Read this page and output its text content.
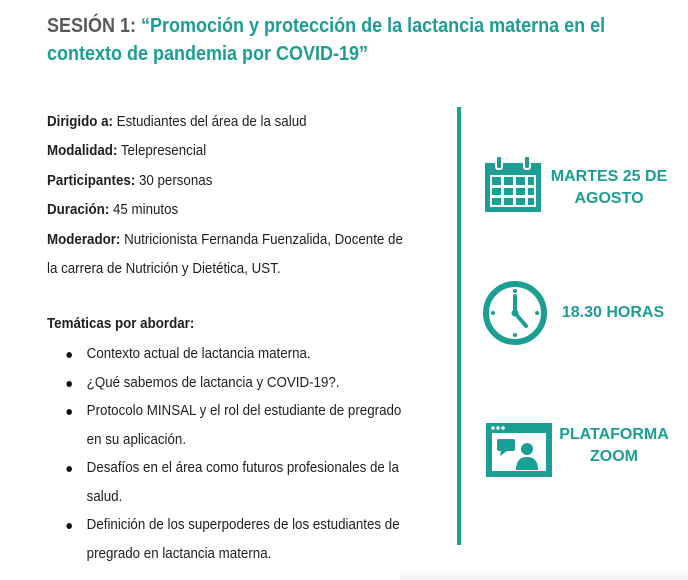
SESIÓN 1: “Promoción y protección de la lactancia materna en el
contexto de pandemia por COVID-19”
Dirigido a: Estudiantes del área de la salud
Modalidad: Telepresencial
Participantes: 30 personas
Duración: 45 minutos
Moderador: Nutricionista Fernanda Fuenzalida, Docente de
la carrera de Nutrición y Dietética, UST.
Temáticas por abordar:
Contexto actual de lactancia materna.
¿Qué sabemos de lactancia y COVID-19?.
Protocolo MINSAL y el rol del estudiante de pregrado
en su aplicación.
Desafíos en el área como futuros profesionales de la
salud.
Definición de los superpoderes de los estudiantes de
pregrado en lactancia materna.
MARTES 25 DE
AGOSTO
18.30 HORAS
PLATAFORMA
ZOOM
